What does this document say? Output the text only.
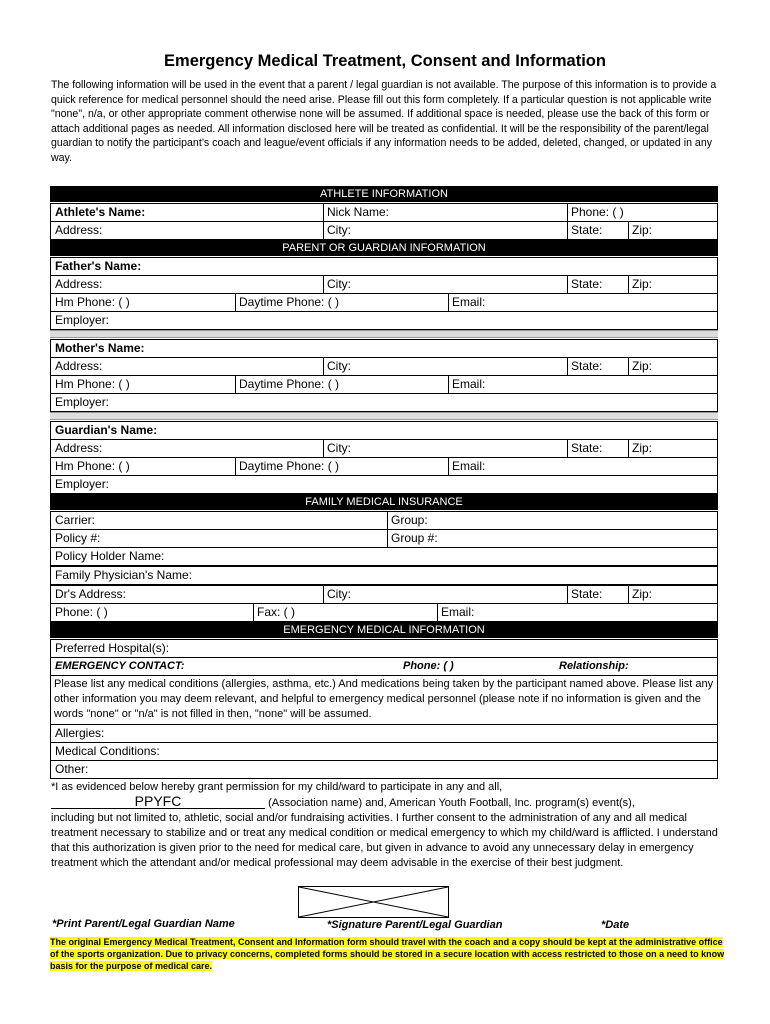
Emergency Medical Treatment, Consent and Information
The following information will be used in the event that a parent / legal guardian is not available. The purpose of this information is to provide a quick reference for medical personnel should the need arise. Please fill out this form completely. If a particular question is not applicable write "none", n/a, or other appropriate comment otherwise none will be assumed. If additional space is needed, please use the back of this form or attach additional pages as needed. All information disclosed here will be treated as confidential. It will be the responsibility of the parent/legal guardian to notify the participant’s coach and league/event officials if any information needs to be added, deleted, changed, or updated in any way.
ATHLETE INFORMATION
Athlete's Name:	Nick Name:	Phone: ( )
Address:	City:	State:	Zip:
PARENT OR GUARDIAN INFORMATION
Father's Name:
Address:	City:	State:	Zip:
Hm Phone: ( )	Daytime Phone: ( )	Email:
Employer:
Mother's Name:
Address:	City:	State:	Zip:
Hm Phone: ( )	Daytime Phone: ( )	Email:
Employer:
Guardian's Name:
Address:	City:	State:	Zip:
Hm Phone: ( )	Daytime Phone: ( )	Email:
Employer:
FAMILY MEDICAL INSURANCE
Carrier:	Group:
Policy #:	Group #:
Policy Holder Name:
Family Physician's Name:
Dr's Address:	City:	State:	Zip:
Phone: ( )	Fax: ( )	Email:
EMERGENCY MEDICAL INFORMATION
Preferred Hospital(s):
EMERGENCY CONTACT:	Phone: ( )	Relationship:
Please list any medical conditions (allergies, asthma, etc.) And medications being taken by the participant named above. Please list any other information you may deem relevant, and helpful to emergency medical personnel (please note if no information is given and the words "none" or "n/a" is not filled in then, "none" will be assumed.
Allergies:
Medical Conditions:
Other:
*I as evidenced below hereby grant permission for my child/ward to participate in any and all,
PPYFC	(Association name) and, American Youth Football, Inc. program(s) event(s),
including but not limited to, athletic, social and/or fundraising activities. I further consent to the administration of any and all medical treatment necessary to stabilize and or treat any medical condition or medical emergency to which my child/ward is afflicted. I understand that this authorization is given prior to the need for medical care, but given in advance to avoid any unnecessary delay in emergency treatment which the attendant and/or medical professional may deem advisable in the exercise of their best judgment.
*Print Parent/Legal Guardian Name	*Signature Parent/Legal Guardian	*Date
The original Emergency Medical Treatment, Consent and Information form should travel with the coach and a copy should be kept at the administrative office of the sports organization. Due to privacy concerns, completed forms should be stored in a secure location with access restricted to those on a need to know basis for the purpose of medical care.
